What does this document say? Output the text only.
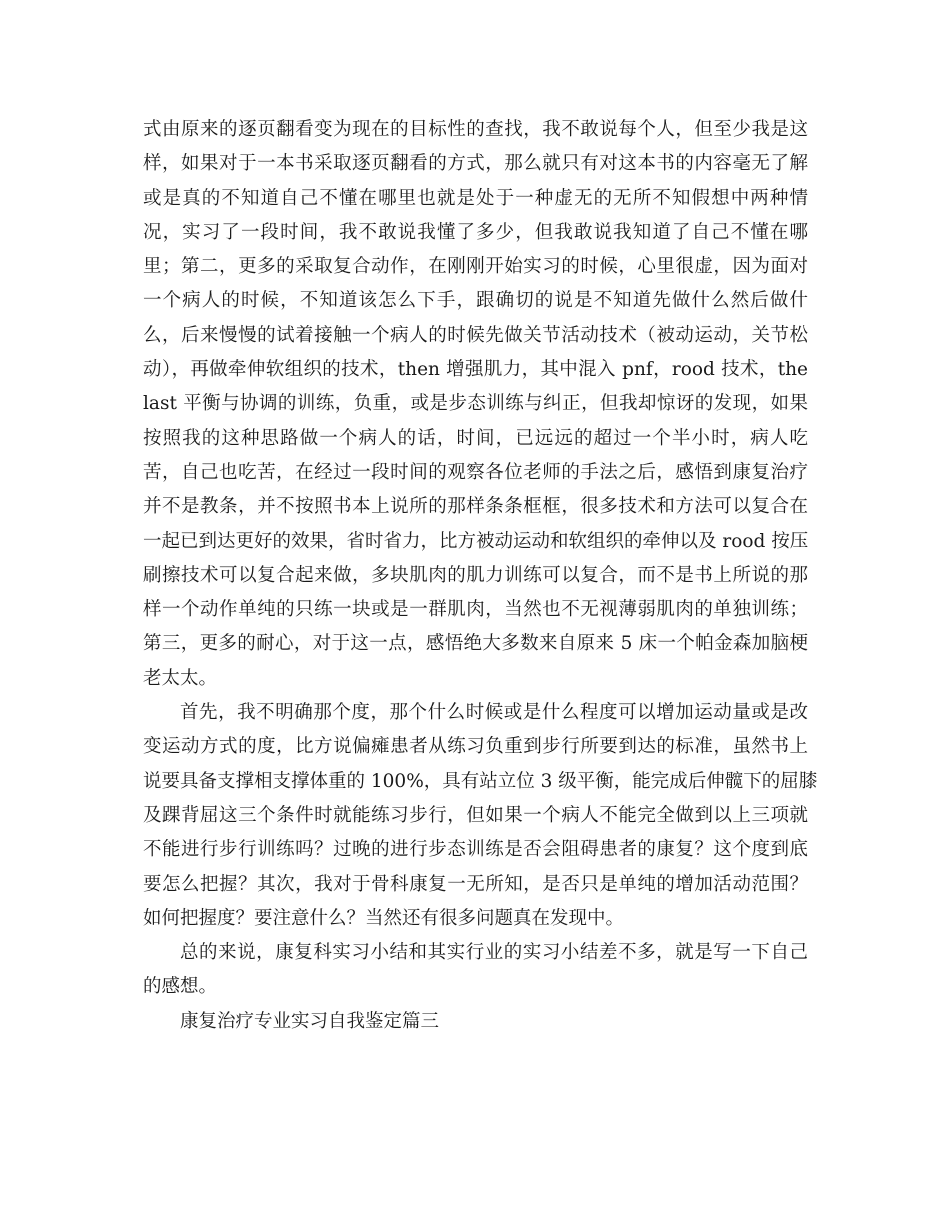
式由原来的逐页翻看变为现在的目标性的查找，我不敢说每个人，但至少我是这
样，如果对于一本书采取逐页翻看的方式，那么就只有对这本书的内容毫无了解
或是真的不知道自己不懂在哪里也就是处于一种虚无的无所不知假想中两种情
况，实习了一段时间，我不敢说我懂了多少，但我敢说我知道了自己不懂在哪
里；第二，更多的采取复合动作，在刚刚开始实习的时候，心里很虚，因为面对
一个病人的时候，不知道该怎么下手，跟确切的说是不知道先做什么然后做什
么，后来慢慢的试着接触一个病人的时候先做关节活动技术（被动运动，关节松
动），再做牵伸软组织的技术，then 增强肌力，其中混入 pnf，rood 技术，the
last 平衡与协调的训练，负重，或是步态训练与纠正，但我却惊讶的发现，如果
按照我的这种思路做一个病人的话，时间，已远远的超过一个半小时，病人吃
苦，自己也吃苦，在经过一段时间的观察各位老师的手法之后，感悟到康复治疗
并不是教条，并不按照书本上说所的那样条条框框，很多技术和方法可以复合在
一起已到达更好的效果，省时省力，比方被动运动和软组织的牵伸以及 rood 按压
刷擦技术可以复合起来做，多块肌肉的肌力训练可以复合，而不是书上所说的那
样一个动作单纯的只练一块或是一群肌肉，当然也不无视薄弱肌肉的单独训练；
第三，更多的耐心，对于这一点，感悟绝大多数来自原来 5 床一个帕金森加脑梗
老太太。
首先，我不明确那个度，那个什么时候或是什么程度可以增加运动量或是改
变运动方式的度，比方说偏瘫患者从练习负重到步行所要到达的标准，虽然书上
说要具备支撑相支撑体重的 100%，具有站立位 3 级平衡，能完成后伸髋下的屈膝
及踝背屈这三个条件时就能练习步行，但如果一个病人不能完全做到以上三项就
不能进行步行训练吗？过晚的进行步态训练是否会阻碍患者的康复？这个度到底
要怎么把握？其次，我对于骨科康复一无所知，是否只是单纯的增加活动范围？
如何把握度？要注意什么？当然还有很多问题真在发现中。
总的来说，康复科实习小结和其实行业的实习小结差不多，就是写一下自己
的感想。
康复治疗专业实习自我鉴定篇三
